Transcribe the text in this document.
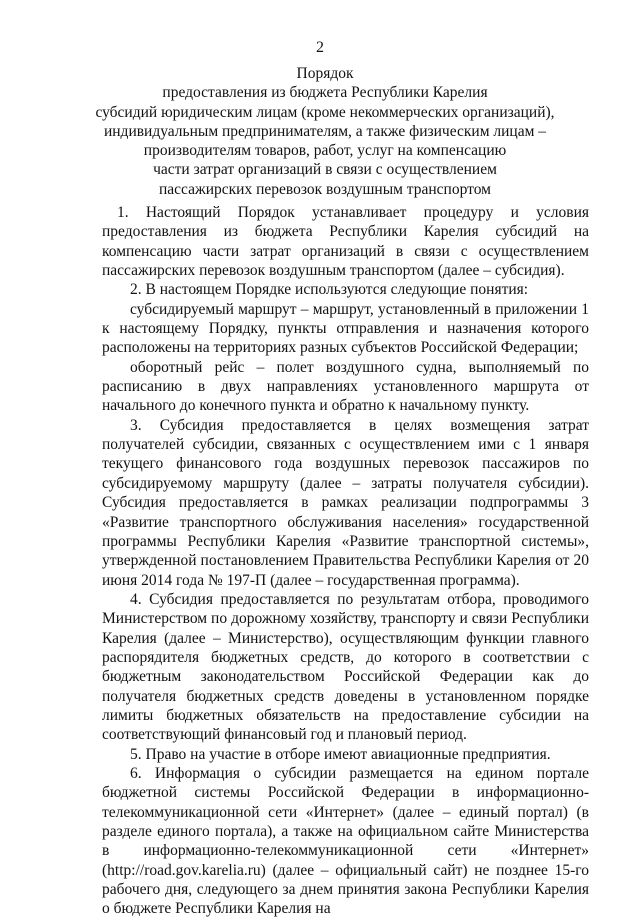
2
Порядок
предоставления из бюджета Республики Карелия
субсидий юридическим лицам (кроме некоммерческих организаций),
индивидуальным предпринимателям, а также физическим лицам –
производителям товаров, работ, услуг на компенсацию
части затрат организаций в связи с осуществлением
пассажирских перевозок воздушным транспортом

1. Настоящий Порядок устанавливает процедуру и условия предоставления из бюджета Республики Карелия субсидий на компенсацию части затрат организаций в связи с осуществлением пассажирских перевозок воздушным транспортом (далее – субсидия).

2. В настоящем Порядке используются следующие понятия:

субсидируемый маршрут – маршрут, установленный в приложении 1 к настоящему Порядку, пункты отправления и назначения которого расположены на территориях разных субъектов Российской Федерации;

оборотный рейс – полет воздушного судна, выполняемый по расписанию в двух направлениях установленного маршрута от начального до конечного пункта и обратно к начальному пункту.

3. Субсидия предоставляется в целях возмещения затрат получателей субсидии, связанных с осуществлением ими с 1 января текущего финансового года воздушных перевозок пассажиров по субсидируемому маршруту (далее – затраты получателя субсидии). Субсидия предоставляется в рамках реализации подпрограммы 3 «Развитие транспортного обслуживания населения» государственной программы Республики Карелия «Развитие транспортной системы», утвержденной постановлением Правительства Республики Карелия от 20 июня 2014 года № 197-П (далее – государственная программа).

4. Субсидия предоставляется по результатам отбора, проводимого Министерством по дорожному хозяйству, транспорту и связи Республики Карелия (далее – Министерство), осуществляющим функции главного распорядителя бюджетных средств, до которого в соответствии с бюджетным законодательством Российской Федерации как до получателя бюджетных средств доведены в установленном порядке лимиты бюджетных обязательств на предоставление субсидии на соответствующий финансовый год и плановый период.

5. Право на участие в отборе имеют авиационные предприятия.

6. Информация о субсидии размещается на едином портале бюджетной системы Российской Федерации в информационно-телекоммуникационной сети «Интернет» (далее – единый портал) (в разделе единого портала), а также на официальном сайте Министерства в информационно-телекоммуникационной сети «Интернет» (http://road.gov.karelia.ru) (далее – официальный сайт) не позднее 15-го рабочего дня, следующего за днем принятия закона Республики Карелия о бюджете Республики Карелия на
